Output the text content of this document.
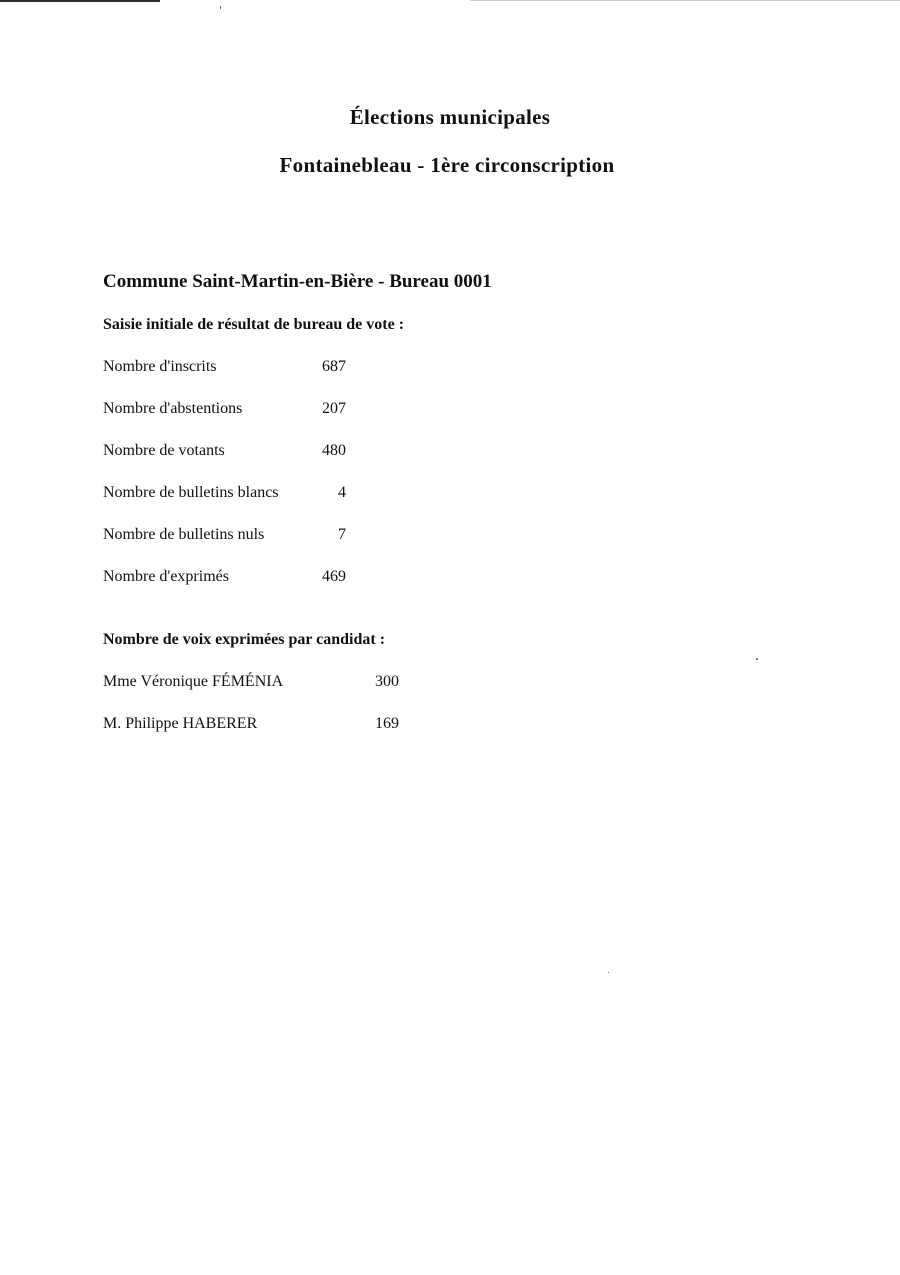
Élections municipales
Fontainebleau - 1ère circonscription
Commune Saint-Martin-en-Bière - Bureau 0001
Saisie initiale de résultat de bureau de vote :
Nombre d'inscrits	687
Nombre d'abstentions	207
Nombre de votants	480
Nombre de bulletins blancs	4
Nombre de bulletins nuls	7
Nombre d'exprimés	469
Nombre de voix exprimées par candidat :
Mme Véronique FÉMÉNIA	300
M. Philippe HABERER	169
